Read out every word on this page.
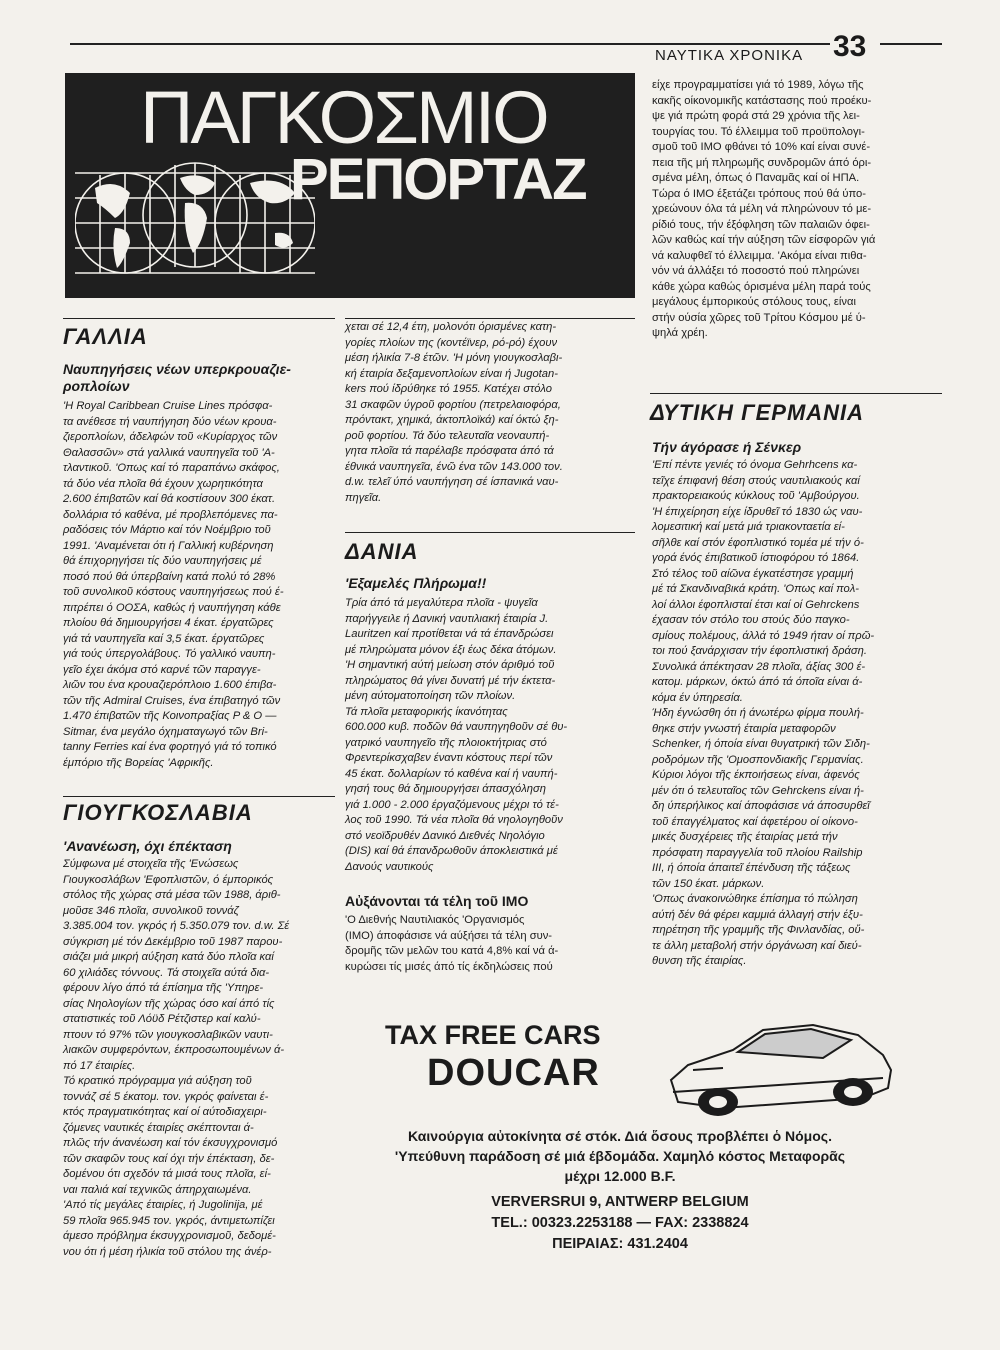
ΝΑΥΤΙΚΑ ΧΡΟΝΙΚΑ 33
ΠΑΓΚΟΣΜΙΟ
ΡΕΠΟΡΤΑΖ
ΓΑΛΛΙΑ
Ναυπηγήσεις νέων υπερκρουαζιε-
ρoπλοίων
'Η Royal Caribbean Cruise Lines πρόσφα-
τα ανέθεσε τή ναυπήγηση δύο νέων κρουα-
ζιεροπλοίων, άδελφών τοῦ «Κυρίαρχος τῶν
Θαλασσῶν» στά γαλλικά ναυπηγεῖα τοῦ 'Α-
τλαντικοῦ. 'Οπως καί τό παραπάνω σκάφος,
τά δύο νέα πλοῖα θά έχουν χωρητικότητα
2.600 έπιβατῶν καί θά κοστίσουν 300 έκατ.
δολλάρια τό καθένα, μέ προβλεπόμενες πα-
ραδόσεις τόν Μάρτιο καί τόν Νοέμβριο τοῦ
1991. 'Αναμένεται ότι ή Γαλλική κυβέρνηση
θά έπιχορηγήσει τίς δύο ναυπηγήσεις μέ
ποσό πού θά ύπερβαίνη κατά πολύ τό 28%
τοῦ συνολικοῦ κόστους ναυπηγήσεως πού έ-
πιτρέπει ό ΟΟΣΑ, καθώς ή ναυπήγηση κάθε
πλοίου θά δημιουργήσει 4 έκατ. έργατῶρες
γιά τά ναυπηγεῖα καί 3,5 έκατ. έργατῶρες
γιά τούς ύπεργολάβους. Τό γαλλικό ναυπη-
γεῖο έχει άκόμα στό καρνέ τῶν παραγγε-
λιῶν του ένα κρουαζιερόπλοιο 1.600 έπιβα-
τῶν τῆς Admiral Cruises, ένα έπιβατηγό τῶν
1.470 έπιβατῶν τῆς Κοινοπραξίας P & O —
Sitmar, ένα μεγάλο όχηματαγωγό τῶν Bri-
tanny Ferries καί ένα φορτηγό γιά τό τοπικό
έμπόριο τῆς Βορείας 'Αφρικῆς.
ΓΙΟΥΓΚΟΣΛΑΒΙΑ
'Ανανέωση, όχι έπέκταση
Σύμφωνα μέ στοιχεῖα τῆς 'Ενώσεως
Γιουγκοσλάβων 'Εφοπλιστῶν, ό έμπορικός
στόλος τῆς χώρας στά μέσα τῶν 1988, άριθ-
μοῦσε 346 πλοῖα, συνολικοῦ τοννάζ
3.385.004 τον. γκρός ή 5.350.079 τον. d.w. Σέ
σύγκριση μέ τόν Δεκέμβριο τοῦ 1987 παρου-
σιάζει μιά μικρή αύξηση κατά δύο πλοῖα καί
60 χιλιάδες τόννους. Τά στοιχεῖα αύτά δια-
φέρουν λίγο άπό τά έπίσημα τῆς 'Υπηρε-
σίας Νηολογίων τῆς χώρας όσο καί άπό τίς
στατιστικές τοῦ Λόϋδ Ρέτζιστερ καί καλύ-
πτουν τό 97% τῶν γιουγκοσλαβικῶν ναυτι-
λιακῶν συμφερόντων, έκπροσωπουμένων ά-
πό 17 έταιρίες.
Τό κρατικό πρόγραμμα γιά αύξηση τοῦ
τοννάζ σέ 5 έκατομ. τον. γκρός φαίνεται έ-
κτός πραγματικότητας καί οί αύτοδιαχειρι-
ζόμενες ναυτικές έταιρίες σκέπτονται ά-
πλῶς τήν άνανέωση καί τόν έκσυγχρονισμό
τῶν σκαφῶν τους καί όχι τήν έπέκταση, δε-
δομένου ότι σχεδόν τά μισά τους πλοῖα, εί-
ναι παλιά καί τεχνικῶς άπηρχαιωμένα.
'Από τίς μεγάλες έταιρίες, ή Jugolinija, μέ
59 πλοῖα 965.945 τον. γκρός, άντιμετωπίζει
άμεσο πρόβλημα έκσυγχρονισμοῦ, δεδομέ-
νου ότι ή μέση ήλικία τοῦ στόλου της άνέρ-
χεται σέ 12,4 έτη, μολονότι όρισμένες κατη-
γορίες πλοίων της (κοντέϊνερ, ρό-ρό) έχουν
μέση ήλικία 7-8 έτῶν. 'Η μόνη γιουγκοσλαβι-
κή έταιρία δεξαμενοπλοίων είναι ή Jugotan-
kers πού ίδρύθηκε τό 1955. Κατέχει στόλο
31 σκαφῶν ύγροῦ φορτίου (πετρελαιοφόρα,
πρόντακτ, χημικά, άκτοπλοϊκά) καί όκτώ ξη-
ροῦ φορτίου. Τά δύο τελευταῖα νεοναυπή-
γητα πλοῖα τά παρέλαβε πρόσφατα άπό τά
έθνικά ναυπηγεῖα, ένῶ ένα τῶν 143.000 τον.
d.w. τελεῖ ύπό ναυπήγηση σέ ίσπανικά ναυ-
πηγεῖα.
ΔΑΝΙΑ
'Εξαμελές Πλήρωμα!!
Τρία άπό τά μεγαλύτερα πλοῖα - ψυγεῖα
παρήγγειλε ή Δανική ναυτιλιακή έταιρία J.
Lauritzen καί προτίθεται νά τά έπανδρώσει
μέ πληρώματα μόνον έξι έως δέκα άτόμων.
'Η σημαντική αύτή μείωση στόν άριθμό τοῦ
πληρώματος θά γίνει δυνατή μέ τήν έκτετα-
μένη αύτοματοποίηση τῶν πλοίων.
Τά πλοῖα μεταφορικής ίκανότητας
600.000 κυβ. ποδῶν θά ναυπηγηθοῦν σέ θυ-
γατρικό ναυπηγεῖο τῆς πλοιοκτήτριας στό
Φρεντερίκσχαβεν έναντι κόστους περί τῶν
45 έκατ. δολλαρίων τό καθένα καί ή ναυπή-
γησή τους θά δημιουργήσει άπασχόληση
γιά 1.000 - 2.000 έργαζόμενους μέχρι τό τέ-
λος τοῦ 1990. Τά νέα πλοῖα θά νηολογηθοῦν
στό νεοϊδρυθέν Δανικό Διεθνές Νηολόγιο
(DIS) καί θά έπανδρωθοῦν άποκλειστικά μέ
Δανούς ναυτικούς
Αὐξάνονται τά τέλη τοῦ IMO
'Ο Διεθνής Ναυτιλιακός 'Οργανισμός
(IMO) άποφάσισε νά αύξήσει τά τέλη συν-
δρομῆς τῶν μελῶν του κατά 4,8% καί νά ά-
κυρώσει τίς μισές άπό τίς έκδηλώσεις πού
είχε προγραμματίσει γιά τό 1989, λόγω τῆς
κακῆς οίκονομικῆς κατάστασης πού προέκυ-
ψε γιά πρώτη φορά στά 29 χρόνια τῆς λει-
τουργίας του. Τό έλλειμμα τοῦ προϋπολογι-
σμοῦ τοῦ IMO φθάνει τό 10% καί είναι συνέ-
πεια τῆς μή πληρωμῆς συνδρομῶν άπό όρι-
σμένα μέλη, όπως ό Παναμᾶς καί οί ΗΠΑ.
Τώρα ό IMO έξετάζει τρόπους πού θά ύπο-
χρεώνουν όλα τά μέλη νά πληρώνουν τό με-
ρίδιό τους, τήν έξόφληση τῶν παλαιῶν όφει-
λῶν καθώς καί τήν αύξηση τῶν είσφορῶν γιά
νά καλυφθεῖ τό έλλειμμα. 'Ακόμα είναι πιθα-
νόν νά άλλάξει τό ποσοστό πού πληρώνει
κάθε χώρα καθώς όρισμένα μέλη παρά τούς
μεγάλους έμπορικούς στόλους τους, είναι
στήν ούσία χῶρες τοῦ Τρίτου Κόσμου μέ ύ-
ψηλά χρέη.
ΔΥΤΙΚΗ ΓΕΡΜΑΝΙΑ
Τήν άγόρασε ή Σένκερ
'Επί πέντε γενιές τό όνομα Gehrhcens κα-
τεῖχε έπιφανή θέση στούς ναυτιλιακούς καί
πρακτορειακούς κύκλους τοῦ 'Αμβούργου.
'Η έπιχείρηση είχε ίδρυθεῖ τό 1830 ώς ναυ-
λομεσιτική καί μετά μιά τριακονταετία εί-
σῆλθε καί στόν έφοπλιστικό τομέα μέ τήν ό-
γορά ένός έπιβατικοῦ ίστιοφόρου τό 1864.
Στό τέλος τοῦ αίῶνα έγκατέστησε γραμμή
μέ τά Σκανδιναβικά κράτη. 'Οπως καί πολ-
λοί άλλοι έφοπλισταί έτσι καί οί Gehrckens
έχασαν τόν στόλο του στούς δύο παγκο-
σμίους πολέμους, άλλά τό 1949 ήταν οί πρῶ-
τοι πού ξανάρχισαν τήν έφοπλιστική δράση.
Συνολικά άπέκτησαν 28 πλοῖα, άξίας 300 έ-
κατομ. μάρκων, όκτώ άπό τά όποῖα είναι ά-
κόμα έν ύπηρεσία.
Ήδη έγνώσθη ότι ή άνωτέρω φίρμα πουλή-
θηκε στήν γνωστή έταιρία μεταφορῶν
Schenker, ή όποία είναι θυγατρική τῶν Σιδη-
ροδρόμων τῆς 'Ομοσπονδιακῆς Γερμανίας.
Κύριοι λόγοι τῆς έκποιήσεως είναι, άφενός
μέν ότι ό τελευταῖος τῶν Gehrckens είναι ή-
δη ύπερήλικος καί άποφάσισε νά άποσυρθεῖ
τοῦ έπαγγέλματος καί άφετέρου οί οίκονο-
μικές δυσχέρειες τῆς έταιρίας μετά τήν
πρόσφατη παραγγελία τοῦ πλοίου Railship
III, ή όποία άπαιτεῖ έπένδυση τῆς τάξεως
τῶν 150 έκατ. μάρκων.
'Οπως άνακοινώθηκε έπίσημα τό πώληση
αύτή δέν θά φέρει καμμιά άλλαγή στήν έξυ-
πηρέτηση τῆς γραμμῆς τῆς Φινλανδίας, οὔ-
τε άλλη μεταβολή στήν όργάνωση καί διεύ-
θυνση τῆς έταιρίας.
TAX FREE CARS
DOUCAR
Καινούργια αὐτοκίνητα σέ στόκ. Διά ὅσους προβλέπει ὁ Νόμος.
'Υπεύθυνη παράδοση σέ μιά έβδομάδα. Χαμηλό κόστος Μεταφορᾶς
μέχρι 12.000 B.F.
VERVERSRUI 9, ANTWERP BELGIUM
TEL.: 00323.2253188 — FAX: 2338824
ΠΕΙΡΑΙΑΣ: 431.2404
